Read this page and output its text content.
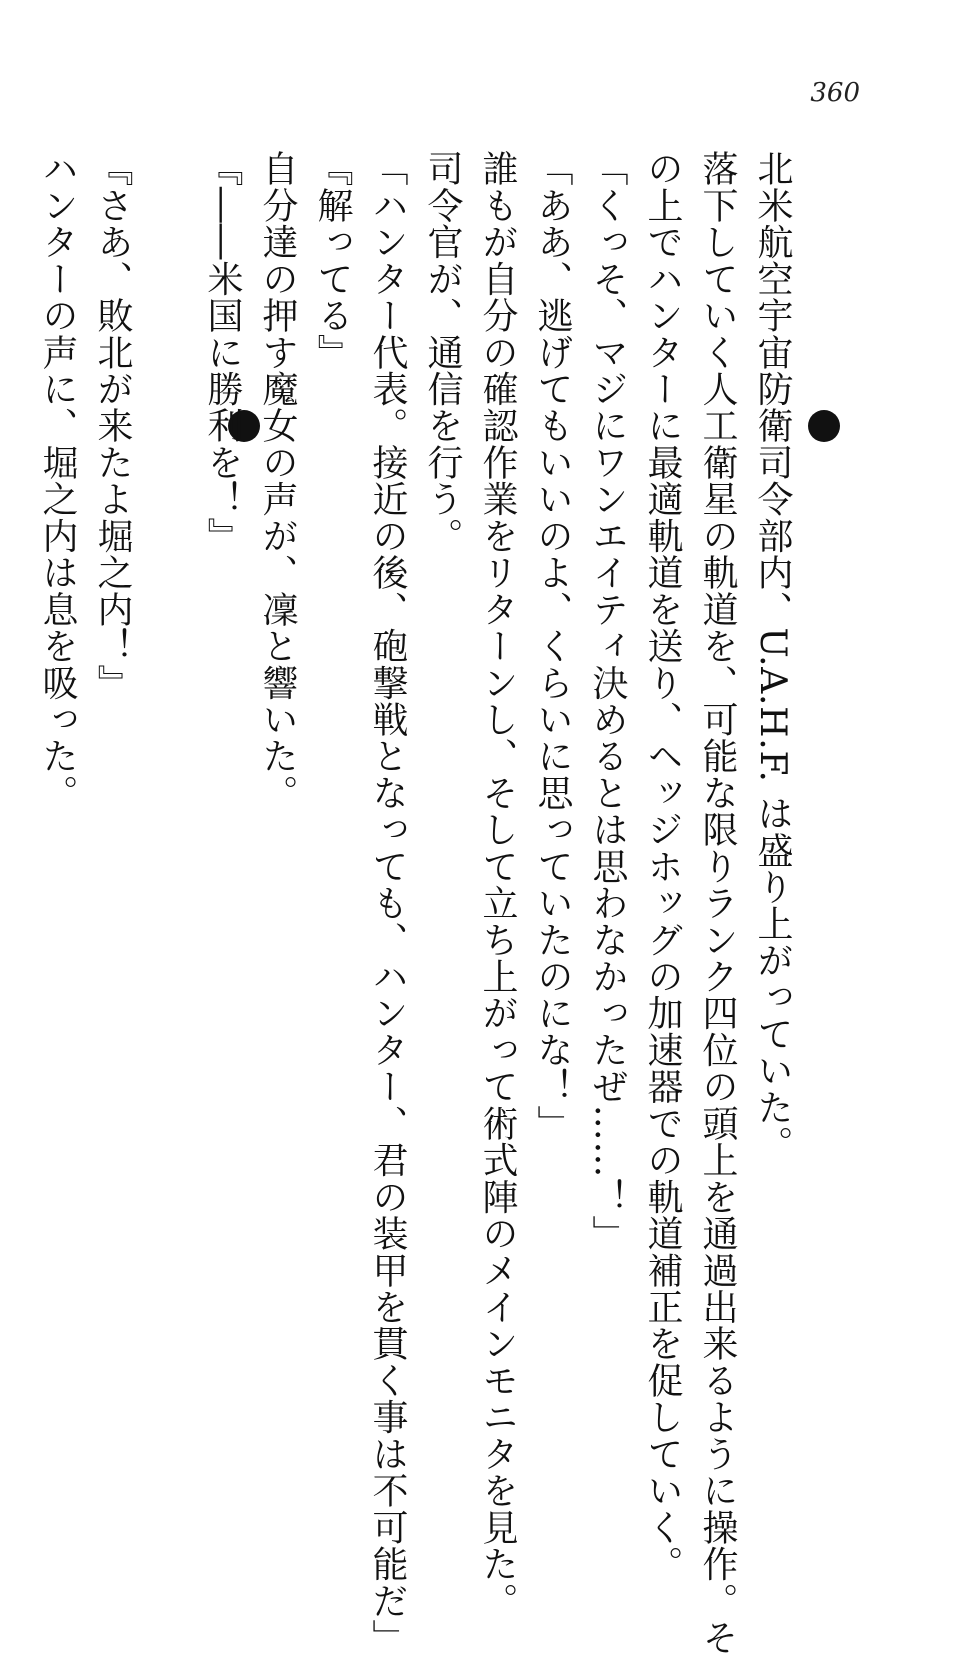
360
北米航空宇宙防衛司令部内、U.A.H.F. は盛り上がっていた。
落下していく人工衛星の軌道を、可能な限りランク四位の頭上を通過出来るように操作。そ
の上でハンターに最適軌道を送り、ヘッジホッグの加速器での軌道補正を促していく。
「くっそ、マジにワンエイティ決めるとは思わなかったぜ……！」
「ああ、逃げてもいいのよ、くらいに思っていたのにな！」
誰もが自分の確認作業をリターンし、そして立ち上がって術式陣のメインモニタを見た。
司令官が、通信を行う。
「ハンター代表。接近の後、砲撃戦となっても、ハンター、君の装甲を貫く事は不可能だ」
『解ってる』
自分達の押す魔女の声が、凜と響いた。
『――米国に勝利を！』
『さあ、敗北が来たよ堀之内！』
ハンターの声に、堀之内は息を吸った。
